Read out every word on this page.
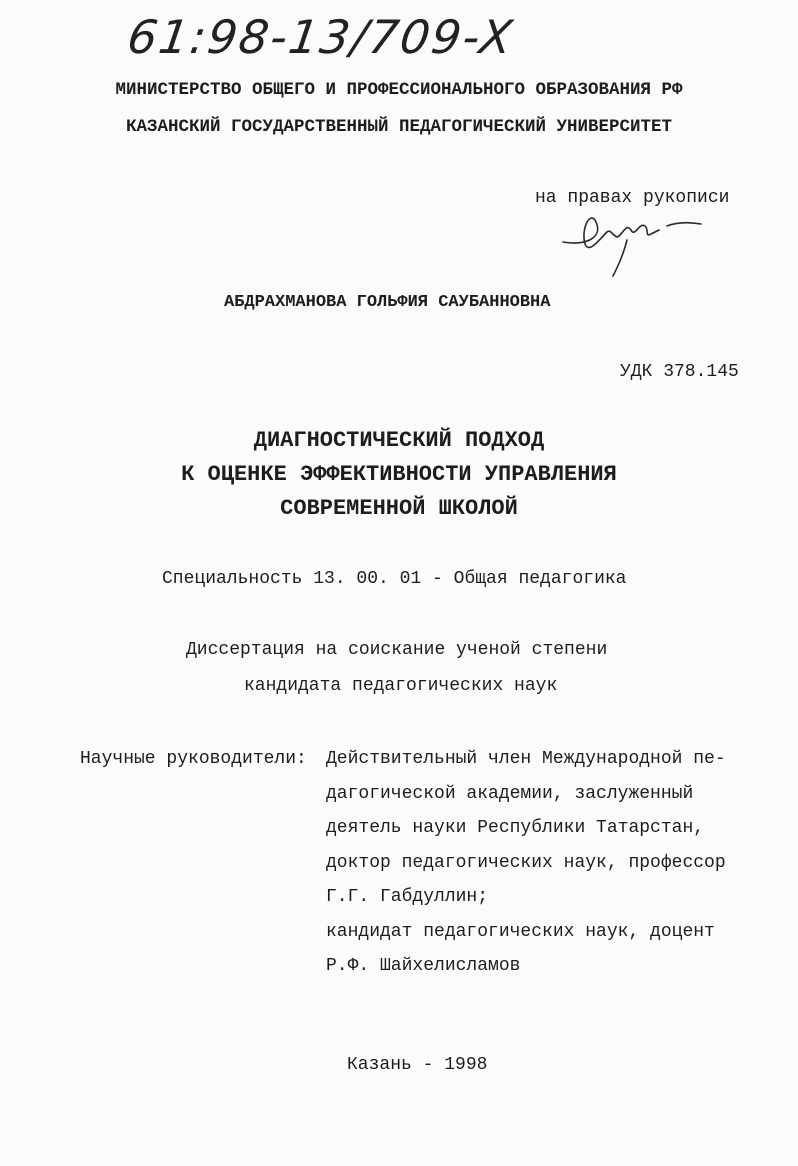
61:98-13/709-X
МИНИСТЕРСТВО ОБЩЕГО И ПРОФЕССИОНАЛЬНОГО ОБРАЗОВАНИЯ РФ
КАЗАНСКИЙ ГОСУДАРСТВЕННЫЙ ПЕДАГОГИЧЕСКИЙ УНИВЕРСИТЕТ
на правах рукописи
АБДРАХМАНОВА ГОЛЬФИЯ САУБАННОВНА
УДК 378.145
ДИАГНОСТИЧЕСКИЙ ПОДХОД
К ОЦЕНКЕ ЭФФЕКТИВНОСТИ УПРАВЛЕНИЯ
СОВРЕМЕННОЙ ШКОЛОЙ
Специальность 13. 00. 01 - Общая педагогика
Диссертация на соискание ученой степени
кандидата педагогических наук
Научные руководители: Действительный член Международной пе-
дагогической академии, заслуженный
деятель науки Республики Татарстан,
доктор педагогических наук, профессор
Г.Г. Габдуллин;
кандидат педагогических наук, доцент
Р.Ф. Шайхелисламов
Казань - 1998
